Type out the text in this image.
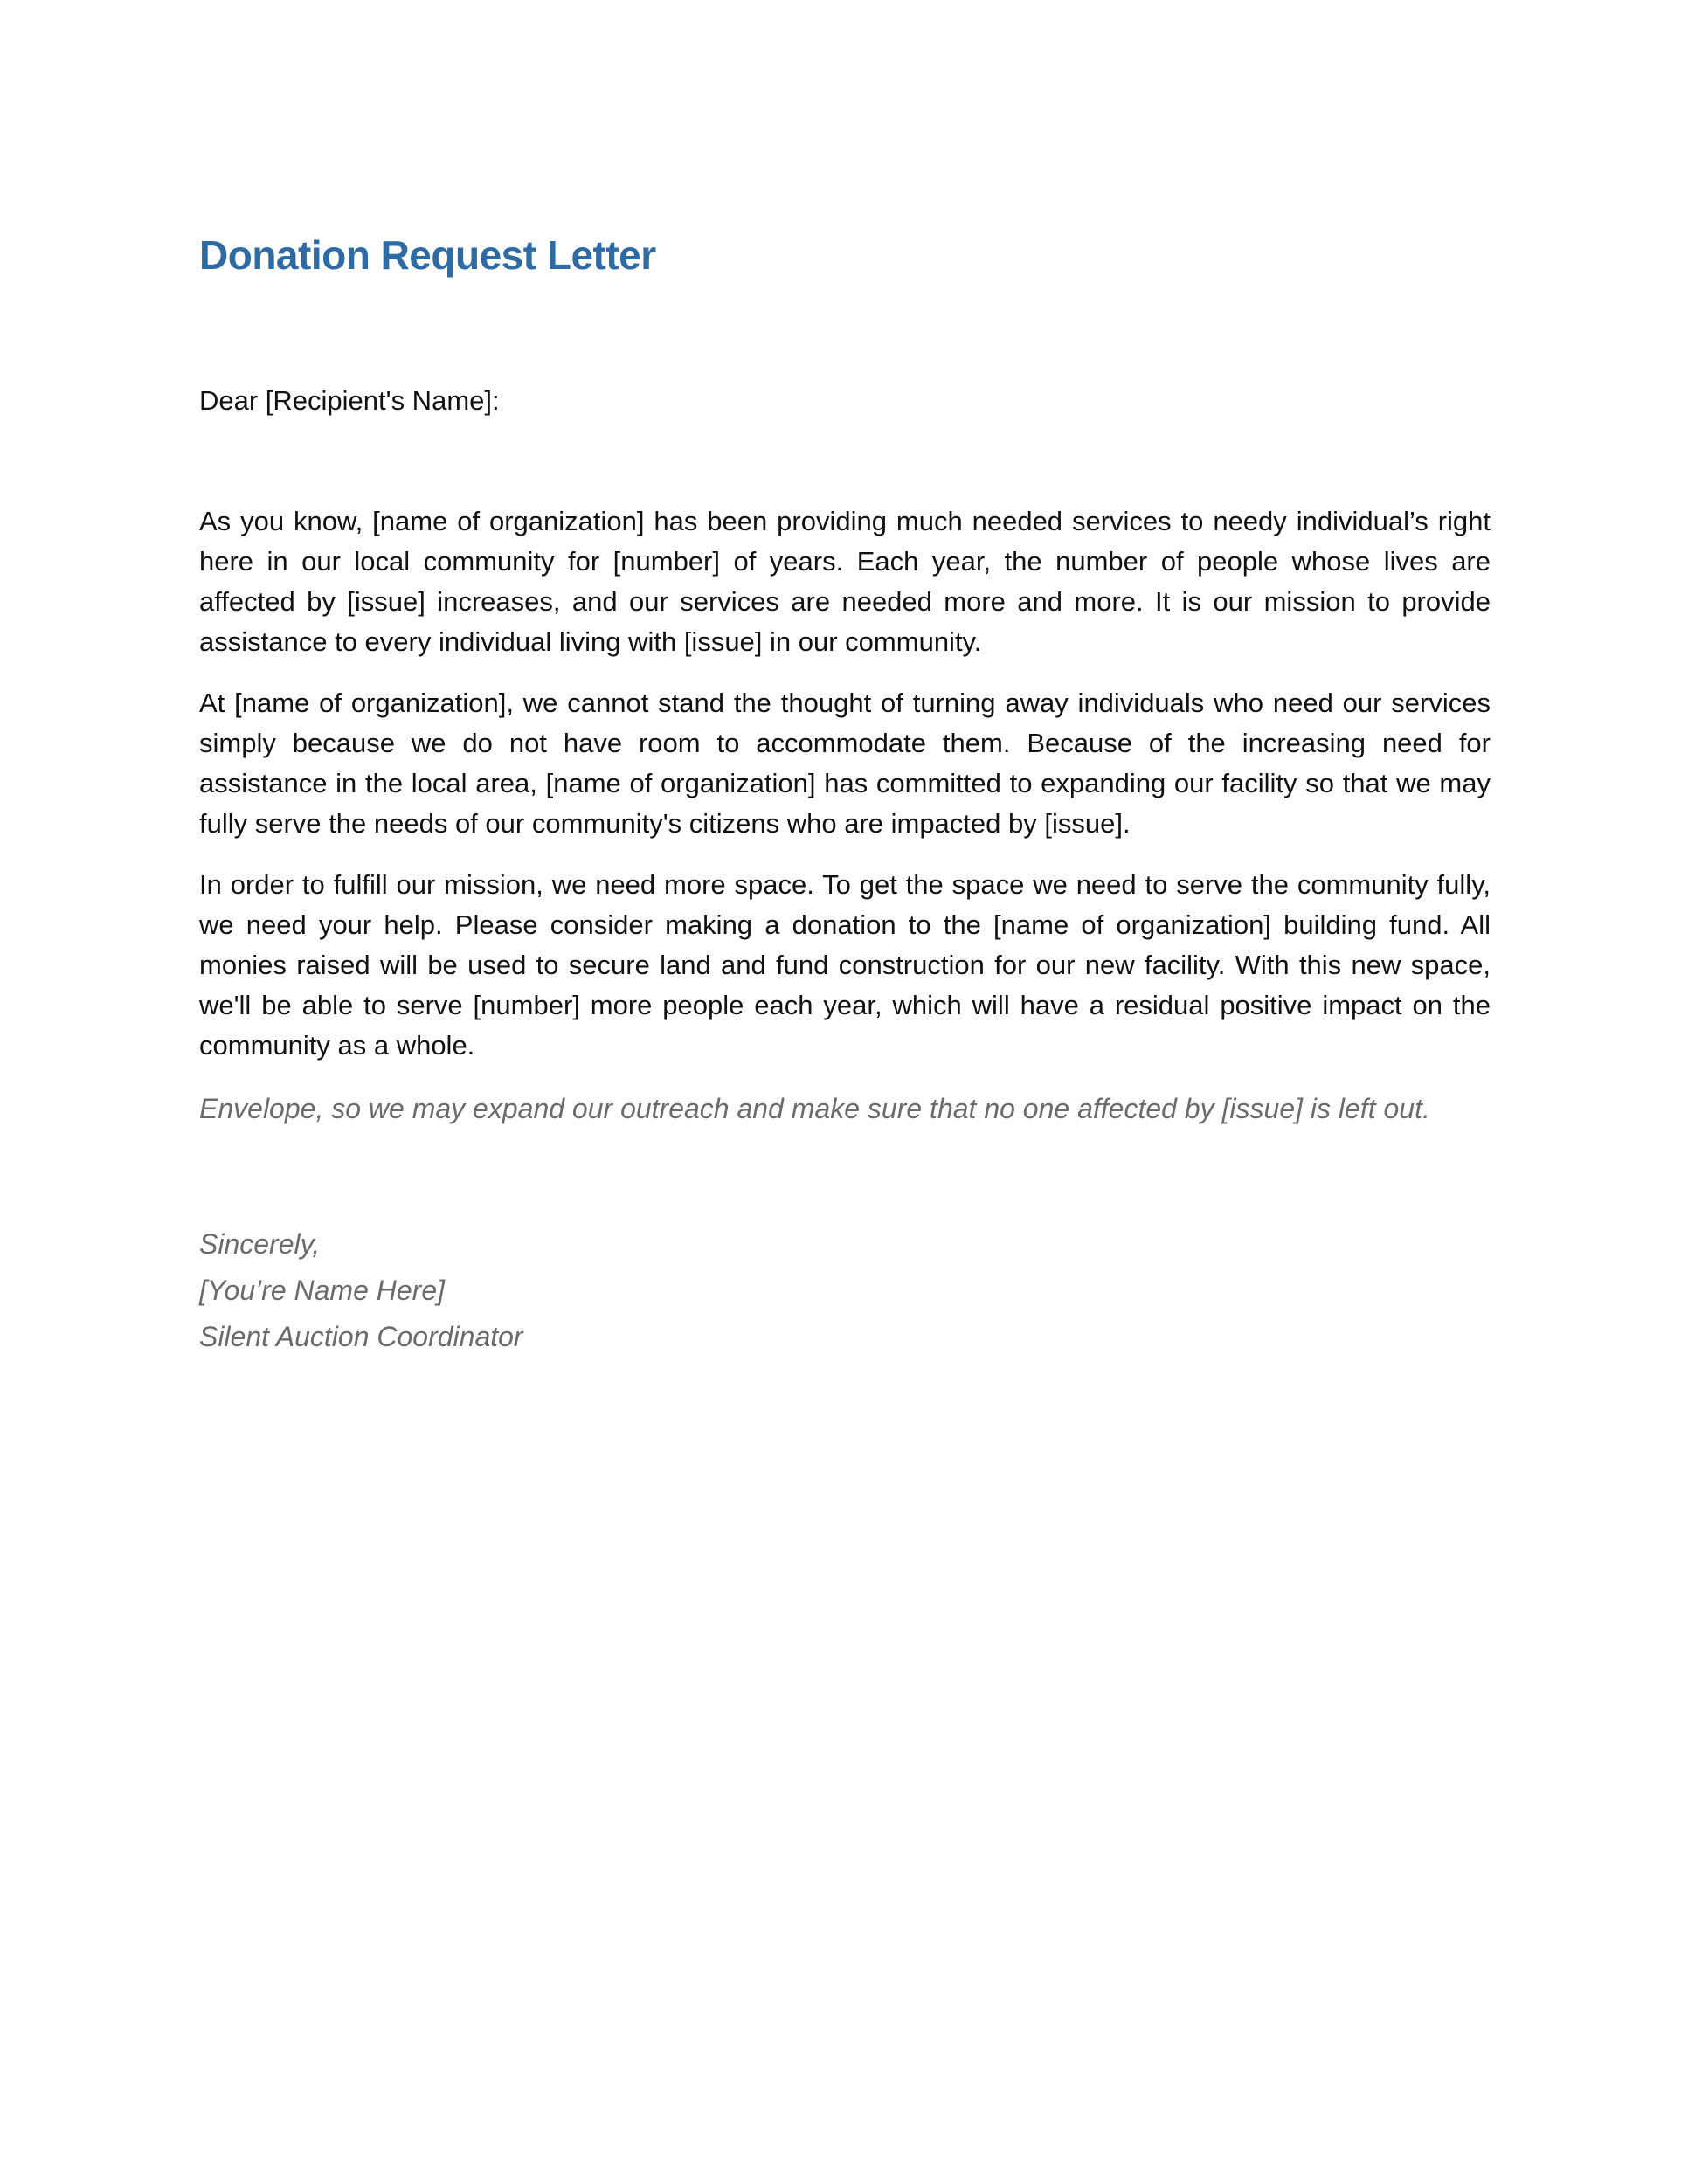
Donation Request Letter

Dear [Recipient's Name]:

As you know, [name of organization] has been providing much needed services to needy individual’s right here in our local community for [number] of years. Each year, the number of people whose lives are affected by [issue] increases, and our services are needed more and more. It is our mission to provide assistance to every individual living with [issue] in our community.

At [name of organization], we cannot stand the thought of turning away individuals who need our services simply because we do not have room to accommodate them. Because of the increasing need for assistance in the local area, [name of organization] has committed to expanding our facility so that we may fully serve the needs of our community's citizens who are impacted by [issue].

In order to fulfill our mission, we need more space. To get the space we need to serve the community fully, we need your help. Please consider making a donation to the [name of organization] building fund. All monies raised will be used to secure land and fund construction for our new facility. With this new space, we'll be able to serve [number] more people each year, which will have a residual positive impact on the community as a whole.

Envelope, so we may expand our outreach and make sure that no one affected by [issue] is left out.

Sincerely,

[You’re Name Here]

Silent Auction Coordinator
